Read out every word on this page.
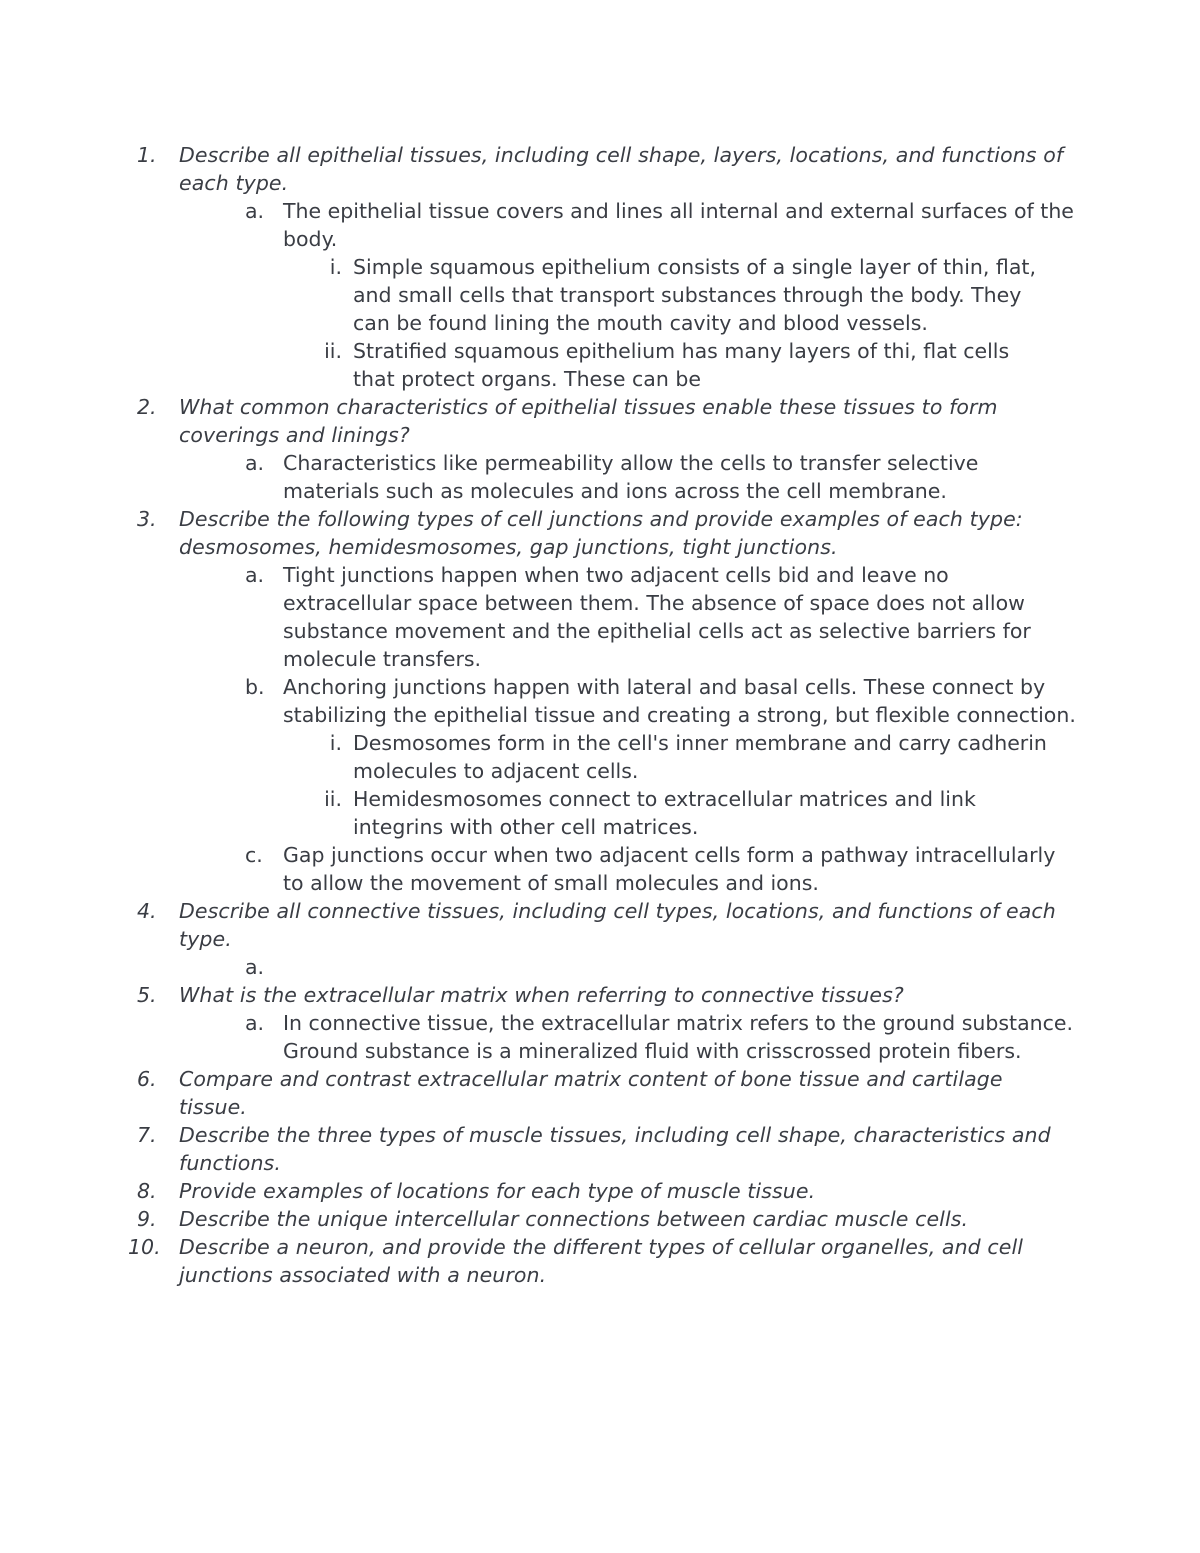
1.	Describe all epithelial tissues, including cell shape, layers, locations, and functions of each type.
a. The epithelial tissue covers and lines all internal and external surfaces of the body.
i. Simple squamous epithelium consists of a single layer of thin, flat, and small cells that transport substances through the body. They can be found lining the mouth cavity and blood vessels.
ii. Stratified squamous epithelium has many layers of thi, flat cells that protect organs. These can be
2.	What common characteristics of epithelial tissues enable these tissues to form coverings and linings?
a. Characteristics like permeability allow the cells to transfer selective materials such as molecules and ions across the cell membrane.
3.	Describe the following types of cell junctions and provide examples of each type: desmosomes, hemidesmosomes, gap junctions, tight junctions.
a. Tight junctions happen when two adjacent cells bid and leave no extracellular space between them. The absence of space does not allow substance movement and the epithelial cells act as selective barriers for molecule transfers.
b. Anchoring junctions happen with lateral and basal cells. These connect by stabilizing the epithelial tissue and creating a strong, but flexible connection.
i. Desmosomes form in the cell's inner membrane and carry cadherin molecules to adjacent cells.
ii. Hemidesmosomes connect to extracellular matrices and link integrins with other cell matrices.
c. Gap junctions occur when two adjacent cells form a pathway intracellularly to allow the movement of small molecules and ions.
4.	Describe all connective tissues, including cell types, locations, and functions of each type.
a.
5.	What is the extracellular matrix when referring to connective tissues?
a. In connective tissue, the extracellular matrix refers to the ground substance. Ground substance is a mineralized fluid with crisscrossed protein fibers.
6.	Compare and contrast extracellular matrix content of bone tissue and cartilage tissue.
7.	Describe the three types of muscle tissues, including cell shape, characteristics and functions.
8.	Provide examples of locations for each type of muscle tissue.
9.	Describe the unique intercellular connections between cardiac muscle cells.
10. Describe a neuron, and provide the different types of cellular organelles, and cell junctions associated with a neuron.
